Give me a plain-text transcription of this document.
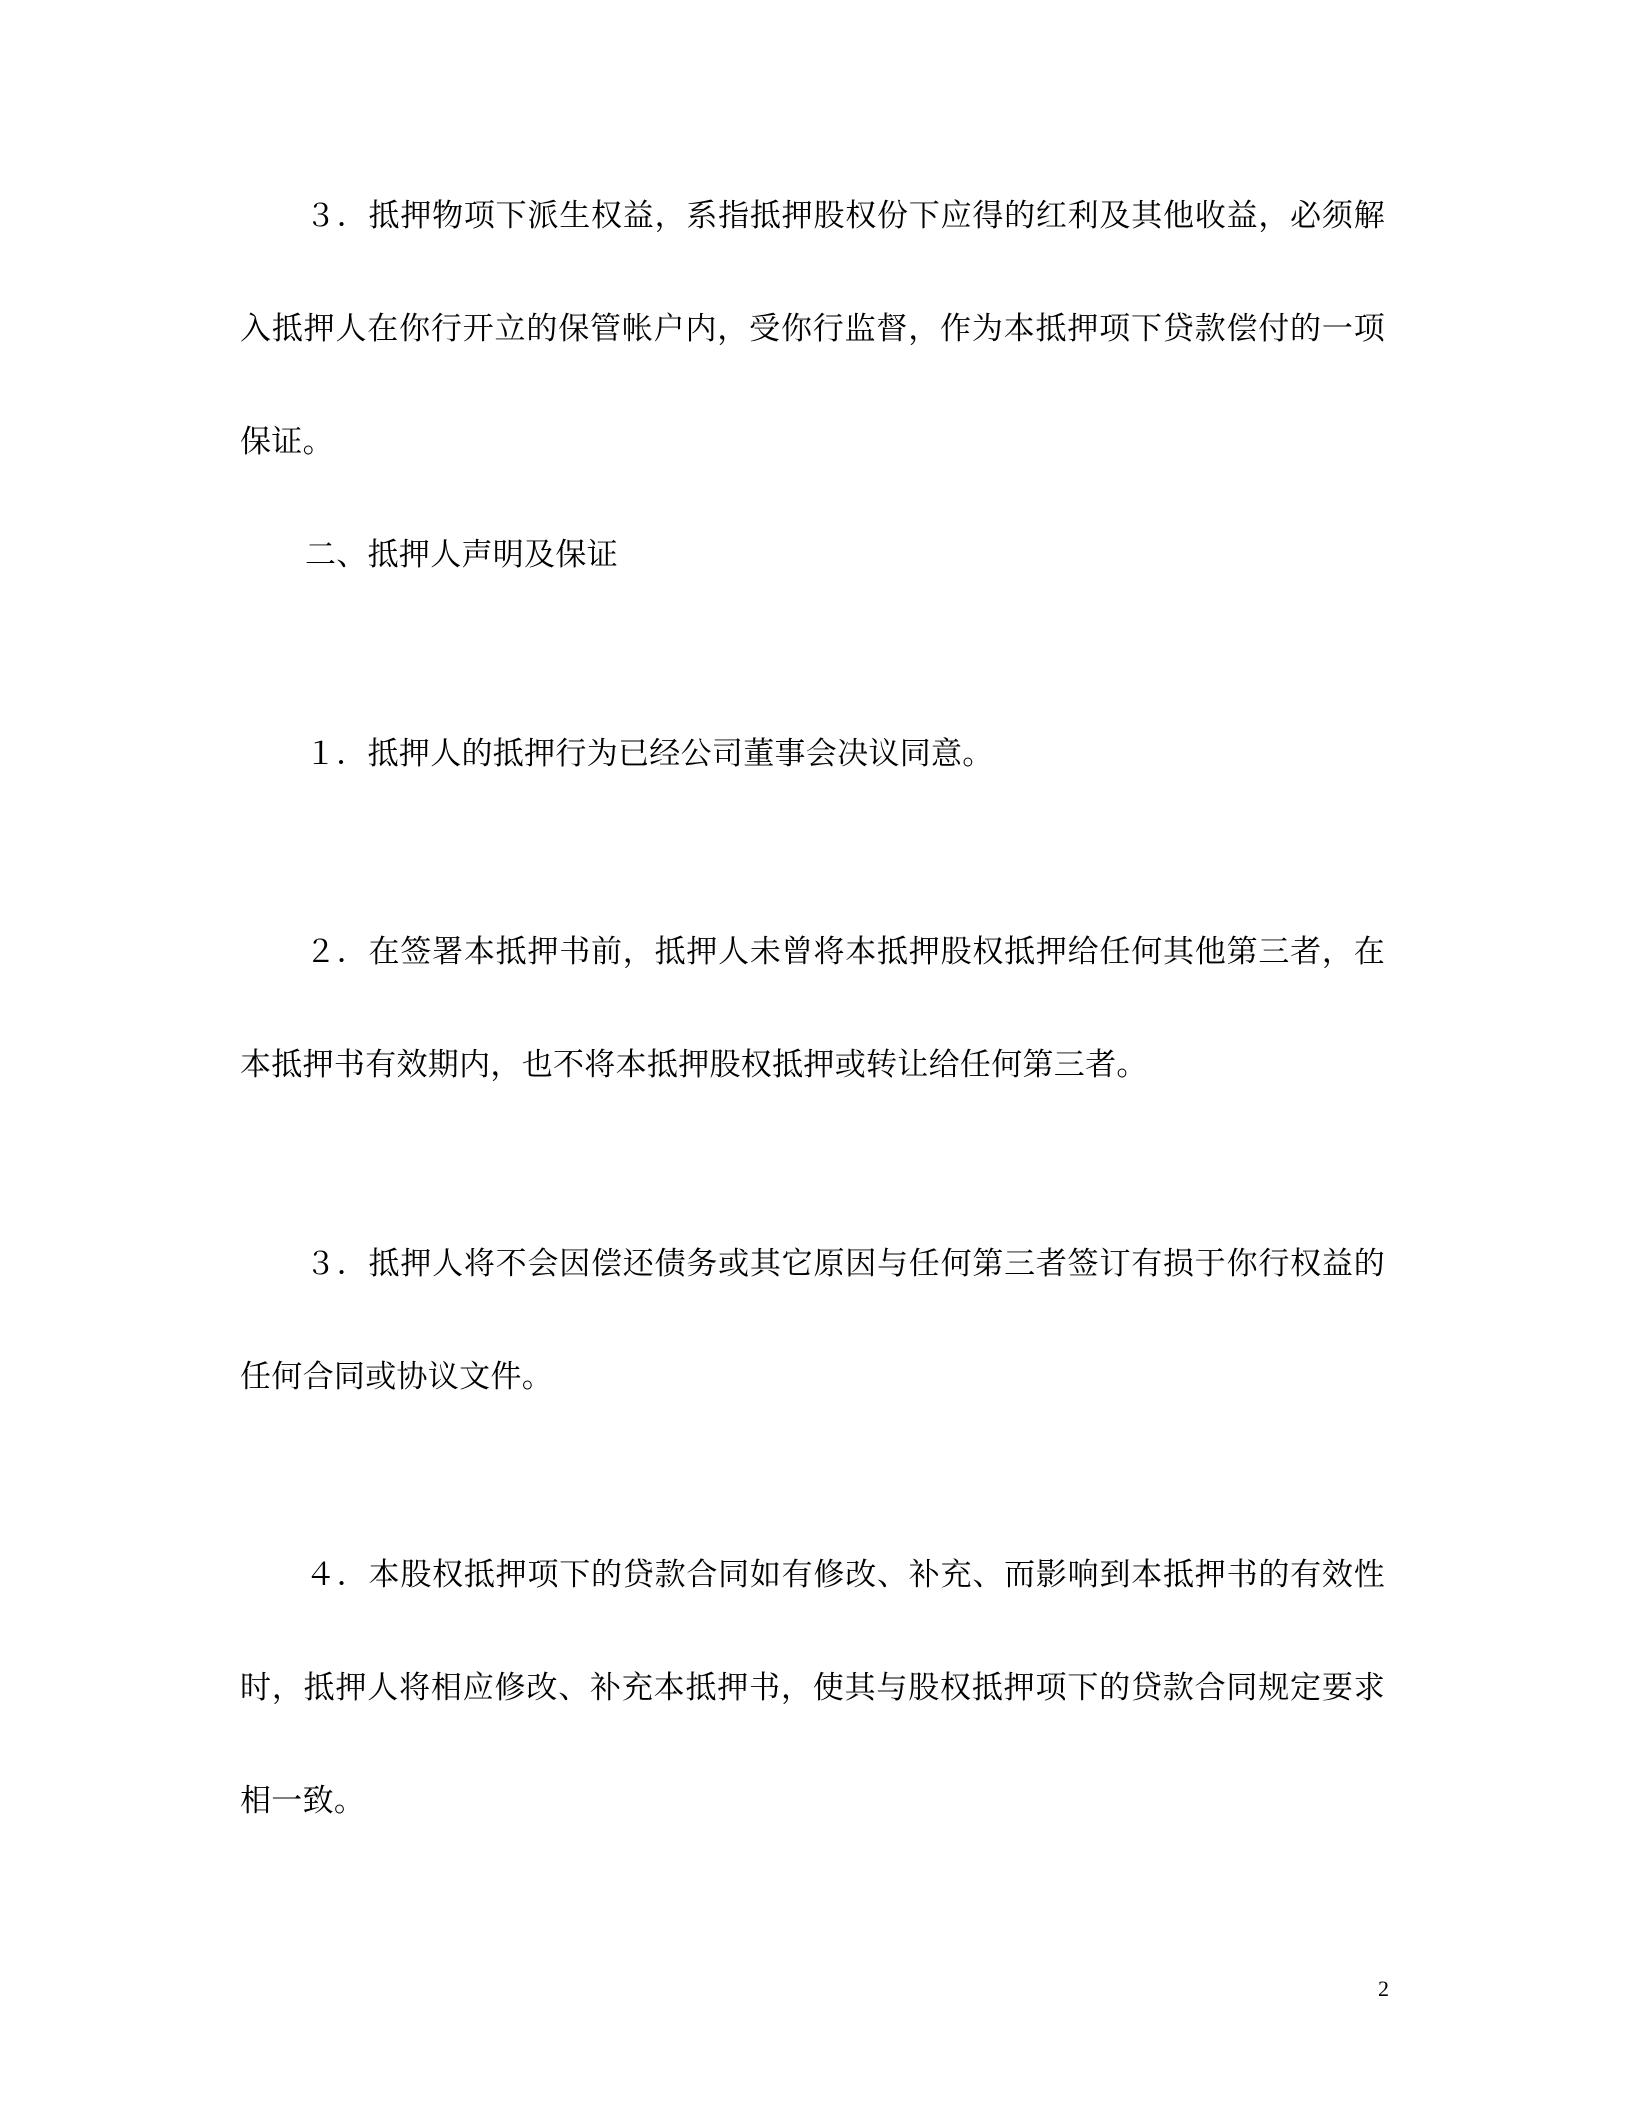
３．抵押物项下派生权益，系指抵押股权份下应得的红利及其他收益，必须解
入抵押人在你行开立的保管帐户内，受你行监督，作为本抵押项下贷款偿付的一项
保证。
二、抵押人声明及保证
１．抵押人的抵押行为已经公司董事会决议同意。
２．在签署本抵押书前，抵押人未曾将本抵押股权抵押给任何其他第三者，在
本抵押书有效期内，也不将本抵押股权抵押或转让给任何第三者。
３．抵押人将不会因偿还债务或其它原因与任何第三者签订有损于你行权益的
任何合同或协议文件。
４．本股权抵押项下的贷款合同如有修改、补充、而影响到本抵押书的有效性
时，抵押人将相应修改、补充本抵押书，使其与股权抵押项下的贷款合同规定要求
相一致。
2
